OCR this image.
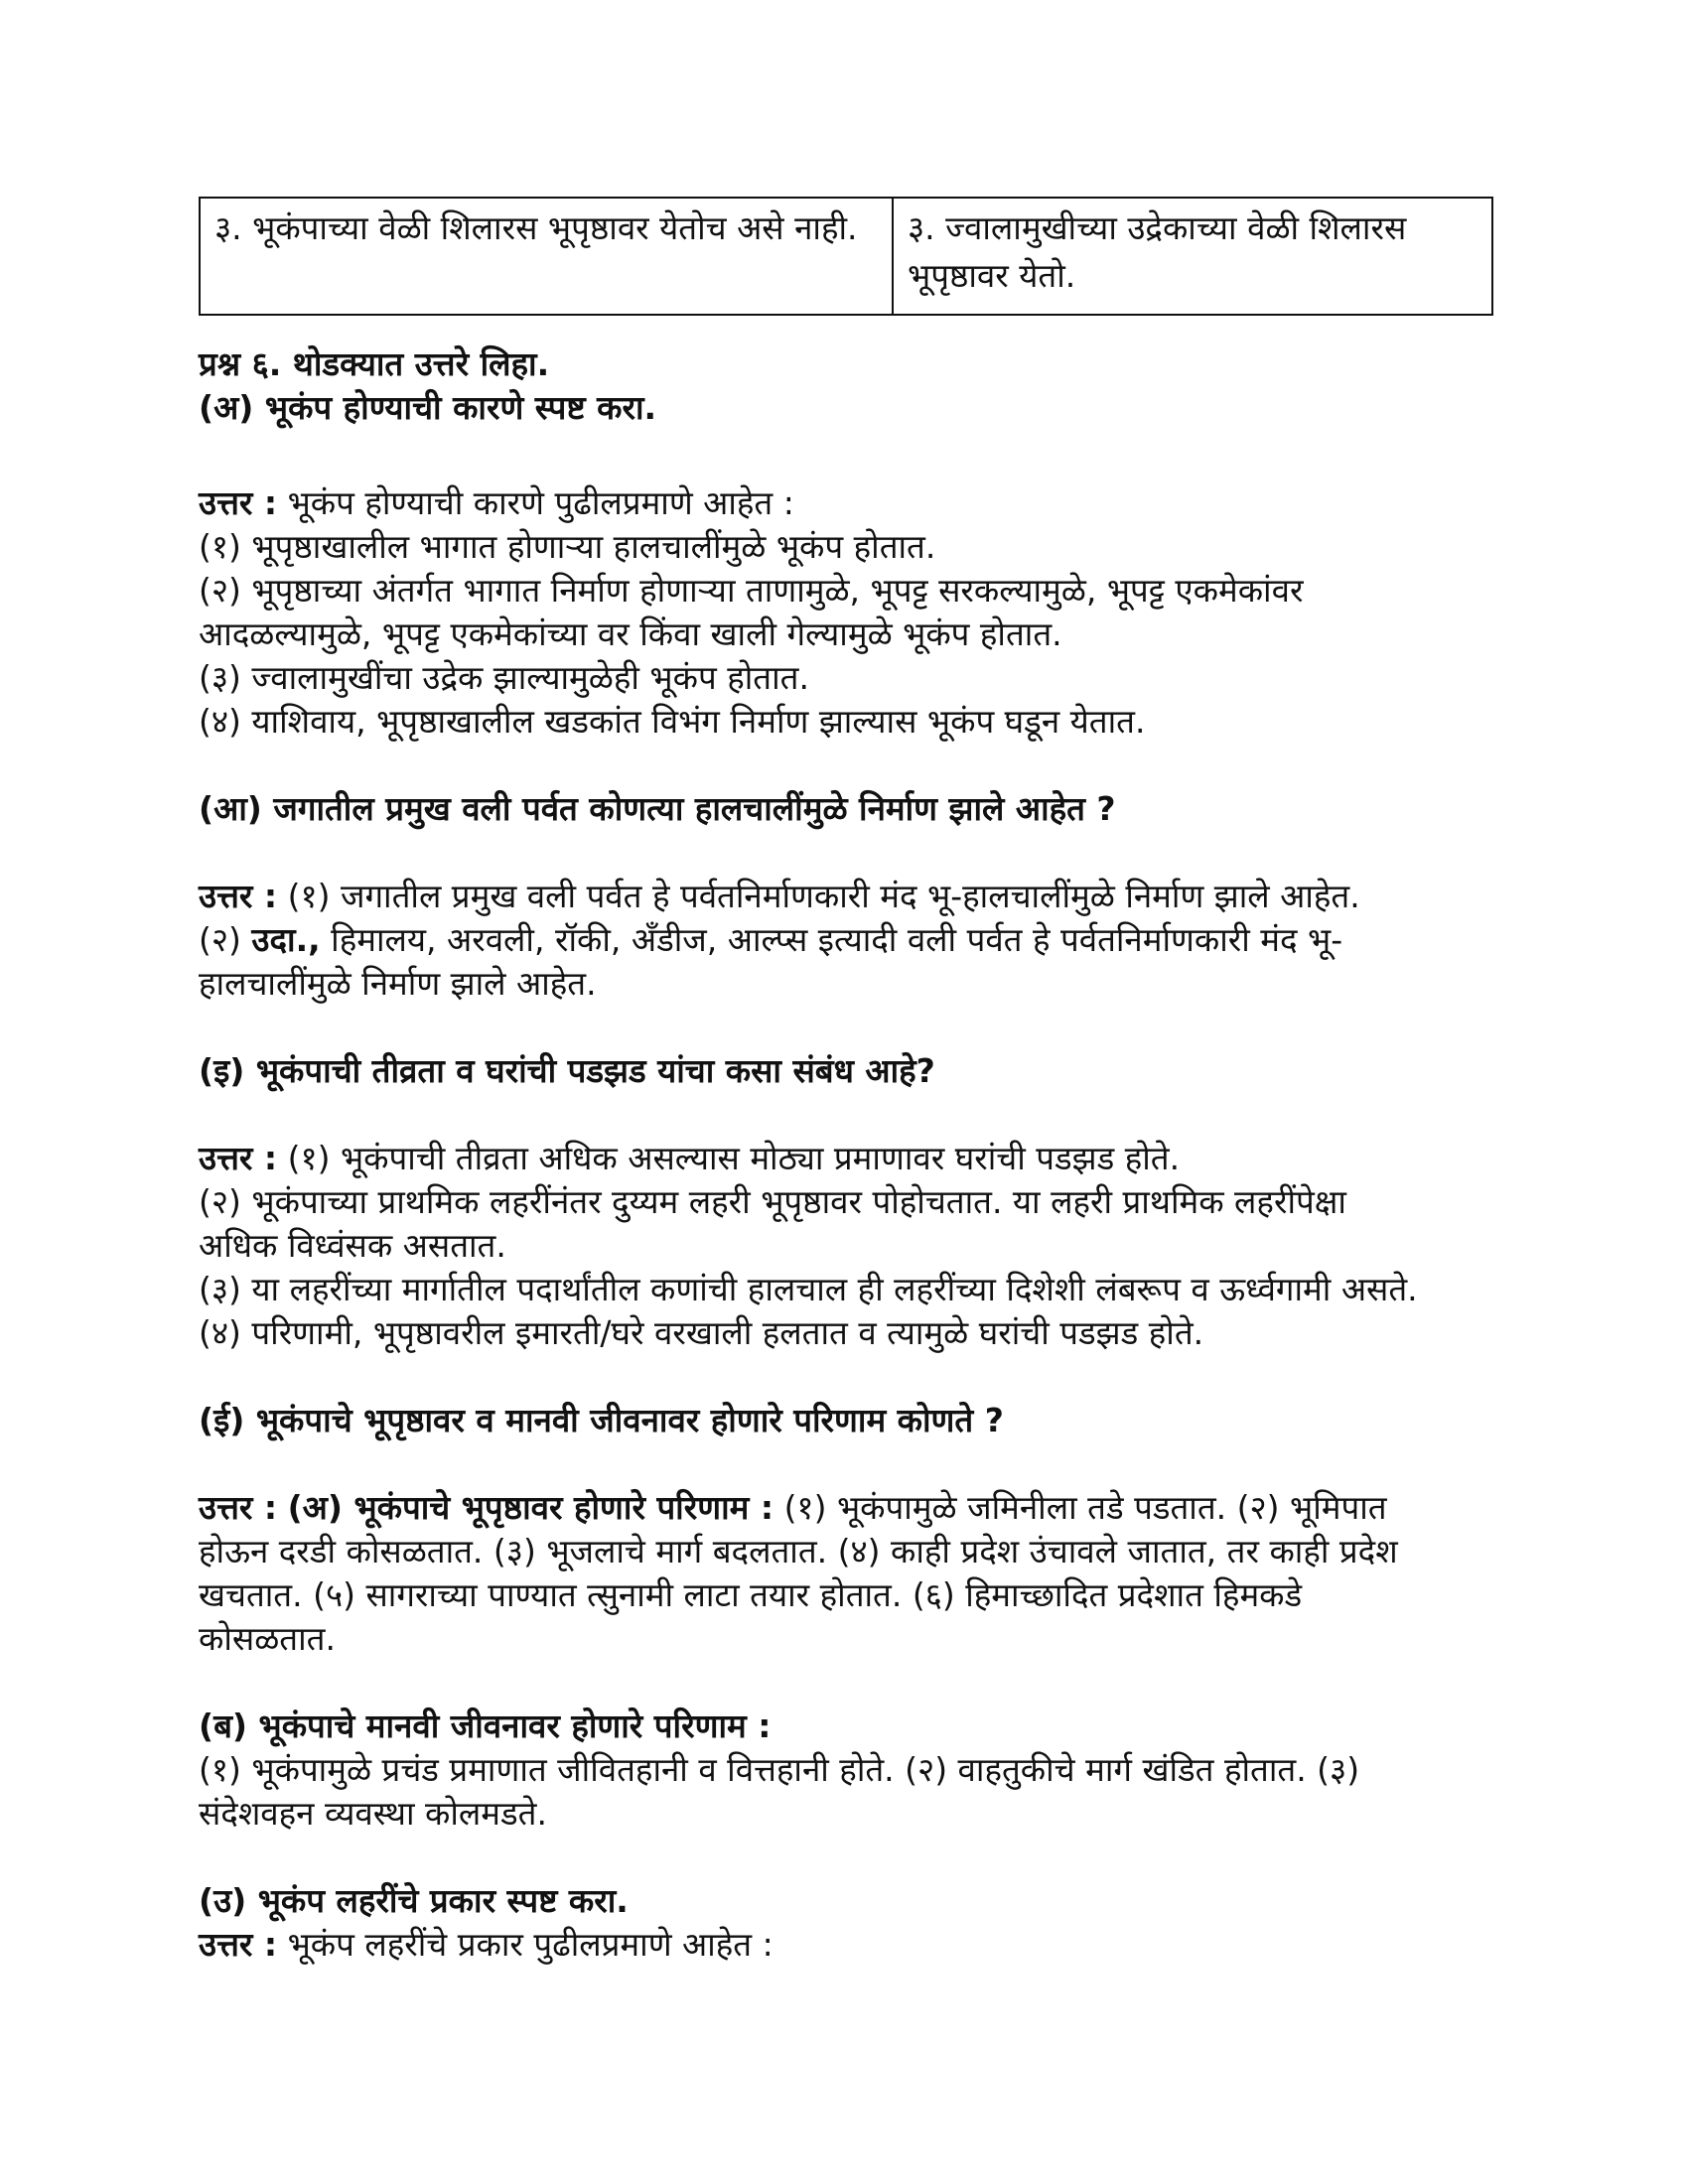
३. भूकंपाच्या वेळी शिलारस भूपृष्ठावर येतोच असे नाही.	३. ज्वालामुखीच्या उद्रेकाच्या वेळी शिलारस भूपृष्ठावर येतो.

प्रश्न ६. थोडक्यात उत्तरे लिहा.

(अ) भूकंप होण्याची कारणे स्पष्ट करा.

उत्तर : भूकंप होण्याची कारणे पुढीलप्रमाणे आहेत :

(१) भूपृष्ठाखालील भागात होणाऱ्या हालचालींमुळे भूकंप होतात.

(२) भूपृष्ठाच्या अंतर्गत भागात निर्माण होणाऱ्या ताणामुळे, भूपट्ट सरकल्यामुळे, भूपट्ट एकमेकांवर

आदळल्यामुळे, भूपट्ट एकमेकांच्या वर किंवा खाली गेल्यामुळे भूकंप होतात.

(३) ज्वालामुखींचा उद्रेक झाल्यामुळेही भूकंप होतात.

(४) याशिवाय, भूपृष्ठाखालील खडकांत विभंग निर्माण झाल्यास भूकंप घडून येतात.

(आ) जगातील प्रमुख वली पर्वत कोणत्या हालचालींमुळे निर्माण झाले आहेत ?

उत्तर : (१) जगातील प्रमुख वली पर्वत हे पर्वतनिर्माणकारी मंद भू-हालचालींमुळे निर्माण झाले आहेत.

(२) उदा., हिमालय, अरवली, रॉकी, अँडीज, आल्प्स इत्यादी वली पर्वत हे पर्वतनिर्माणकारी मंद भू-

हालचालींमुळे निर्माण झाले आहेत.

(इ) भूकंपाची तीव्रता व घरांची पडझड यांचा कसा संबंध आहे?

उत्तर : (१) भूकंपाची तीव्रता अधिक असल्यास मोठ्या प्रमाणावर घरांची पडझड होते.

(२) भूकंपाच्या प्राथमिक लहरींनंतर दुय्यम लहरी भूपृष्ठावर पोहोचतात. या लहरी प्राथमिक लहरींपेक्षा

अधिक विध्वंसक असतात.

(३) या लहरींच्या मार्गातील पदार्थांतील कणांची हालचाल ही लहरींच्या दिशेशी लंबरूप व ऊर्ध्वगामी असते.

(४) परिणामी, भूपृष्ठावरील इमारती/घरे वरखाली हलतात व त्यामुळे घरांची पडझड होते.

(ई) भूकंपाचे भूपृष्ठावर व मानवी जीवनावर होणारे परिणाम कोणते ?

उत्तर : (अ) भूकंपाचे भूपृष्ठावर होणारे परिणाम : (१) भूकंपामुळे जमिनीला तडे पडतात. (२) भूमिपात

होऊन दरडी कोसळतात. (३) भूजलाचे मार्ग बदलतात. (४) काही प्रदेश उंचावले जातात, तर काही प्रदेश

खचतात. (५) सागराच्या पाण्यात त्सुनामी लाटा तयार होतात. (६) हिमाच्छादित प्रदेशात हिमकडे

कोसळतात.

(ब) भूकंपाचे मानवी जीवनावर होणारे परिणाम :

(१) भूकंपामुळे प्रचंड प्रमाणात जीवितहानी व वित्तहानी होते. (२) वाहतुकीचे मार्ग खंडित होतात. (३)

संदेशवहन व्यवस्था कोलमडते.

(उ) भूकंप लहरींचे प्रकार स्पष्ट करा.

उत्तर : भूकंप लहरींचे प्रकार पुढीलप्रमाणे आहेत :
